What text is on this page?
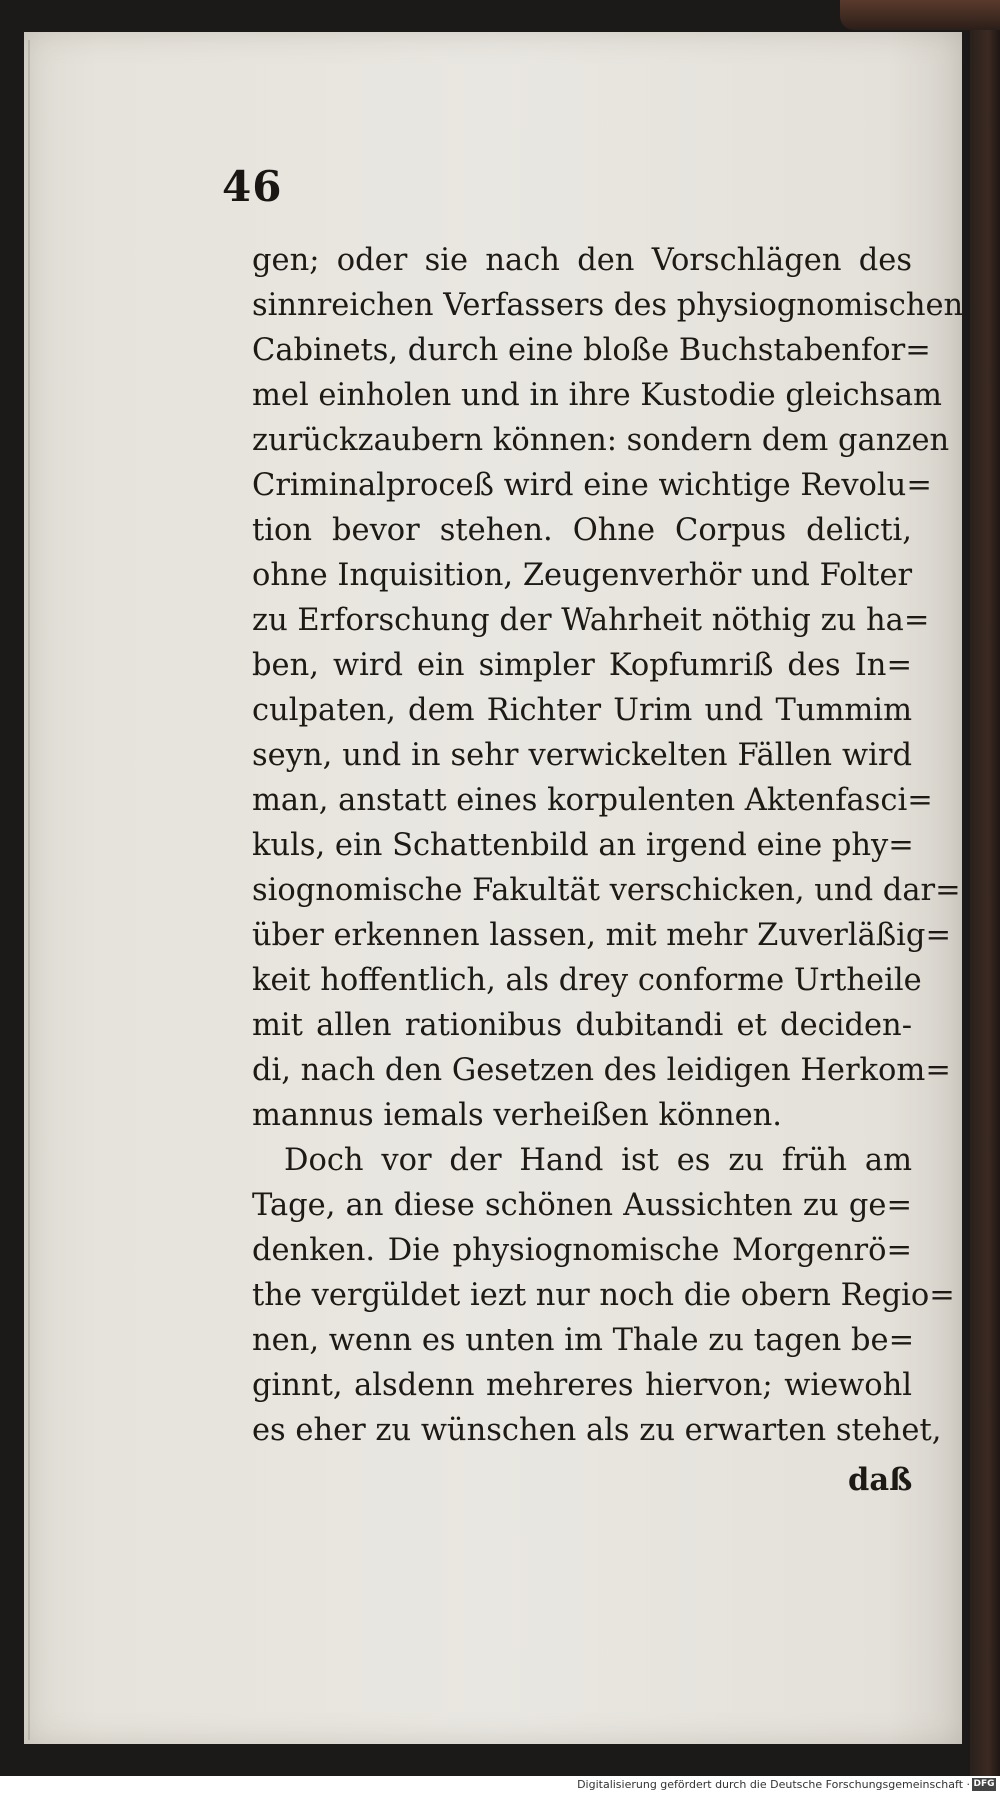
46
gen; oder sie nach den Vorschlägen des
sinnreichen Verfassers des physiognomischen
Cabinets, durch eine bloße Buchstabenfor=
mel einholen und in ihre Kustodie gleichsam
zurückzaubern können: sondern dem ganzen
Criminalproceß wird eine wichtige Revolu=
tion bevor stehen. Ohne Corpus delicti,
ohne Inquisition, Zeugenverhör und Folter
zu Erforschung der Wahrheit nöthig zu ha=
ben, wird ein simpler Kopfumriß des In=
culpaten, dem Richter Urim und Tummim
seyn, und in sehr verwickelten Fällen wird
man, anstatt eines korpulenten Aktenfasci=
kuls, ein Schattenbild an irgend eine phy=
siognomische Fakultät verschicken, und dar=
über erkennen lassen, mit mehr Zuverläßig=
keit hoffentlich, als drey conforme Urtheile
mit allen rationibus dubitandi et deciden-
di, nach den Gesetzen des leidigen Herkom=
mannus iemals verheißen können.
Doch vor der Hand ist es zu früh am
Tage, an diese schönen Aussichten zu ge=
denken. Die physiognomische Morgenrö=
the vergüldet iezt nur noch die obern Regio=
nen, wenn es unten im Thale zu tagen be=
ginnt, alsdenn mehreres hiervon; wiewohl
es eher zu wünschen als zu erwarten stehet,
daß
Digitalisierung gefördert durch die Deutsche Forschungsgemeinschaft · DFG
